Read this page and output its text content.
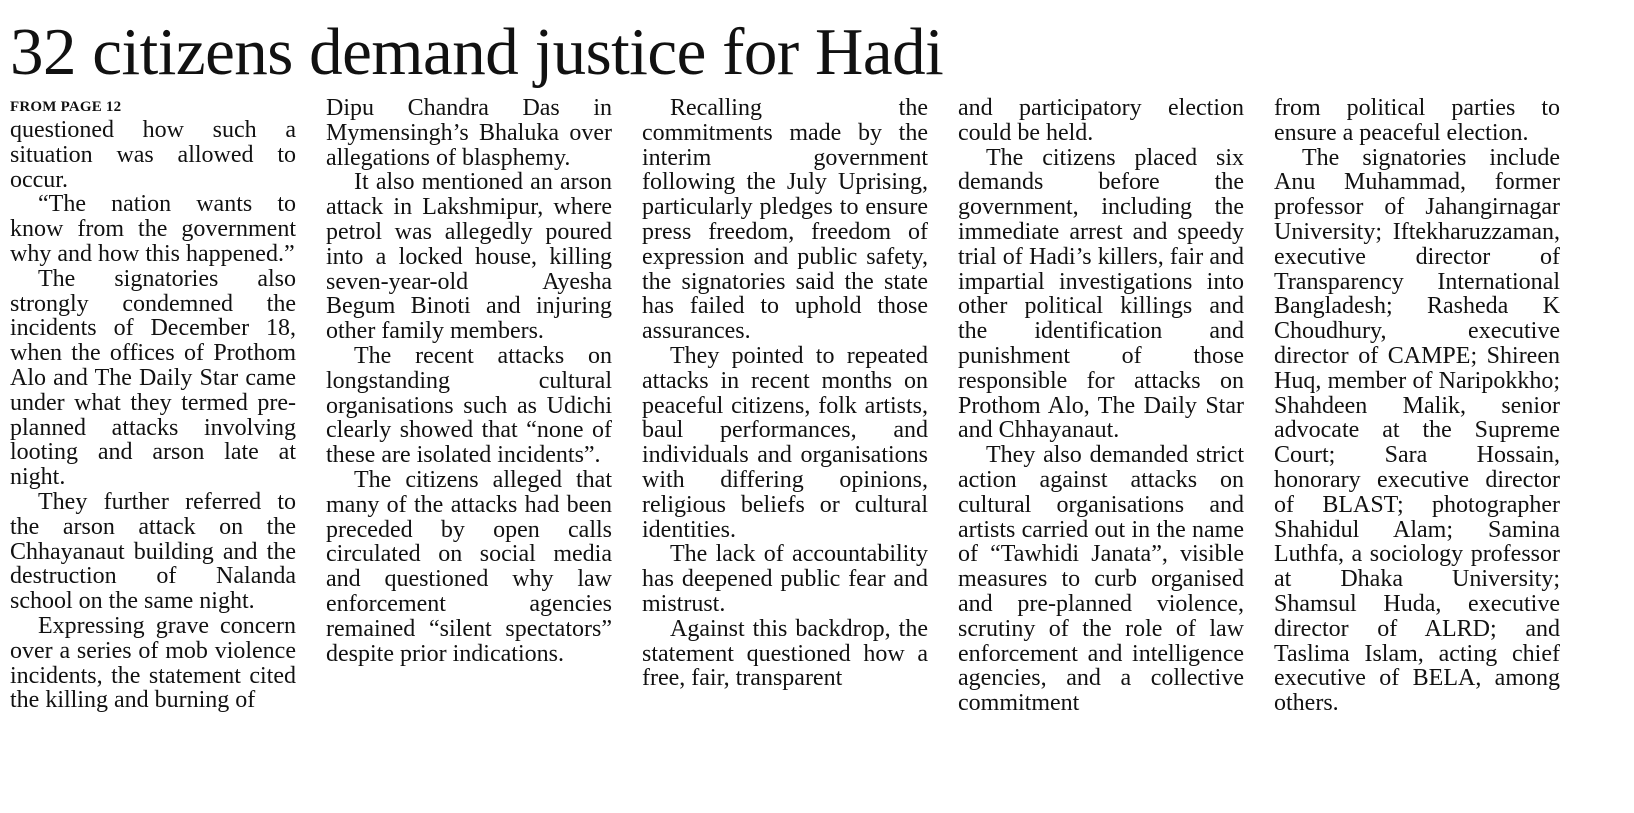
32 citizens demand justice for Hadi
FROM PAGE 12

questioned how such a situation was allowed to occur.

“The nation wants to know from the government why and how this happened.”

The signatories also strongly condemned the incidents of December 18, when the offices of Prothom Alo and The Daily Star came under what they termed pre-planned attacks involving looting and arson late at night.

They further referred to the arson attack on the Chhayanaut building and the destruction of Nalanda school on the same night.

Expressing grave concern over a series of mob violence incidents, the statement cited the killing and burning of

Dipu Chandra Das in Mymensingh’s Bhaluka over allegations of blasphemy.

It also mentioned an arson attack in Lakshmipur, where petrol was allegedly poured into a locked house, killing seven-year-old Ayesha Begum Binoti and injuring other family members.

The recent attacks on longstanding cultural organisations such as Udichi clearly showed that “none of these are isolated incidents”.

The citizens alleged that many of the attacks had been preceded by open calls circulated on social media and questioned why law enforcement agencies remained “silent spectators” despite prior indications.

Recalling the commitments made by the interim government following the July Uprising, particularly pledges to ensure press freedom, freedom of expression and public safety, the signatories said the state has failed to uphold those assurances.

They pointed to repeated attacks in recent months on peaceful citizens, folk artists, baul performances, and individuals and organisations with differing opinions, religious beliefs or cultural identities.

The lack of accountability has deepened public fear and mistrust.

Against this backdrop, the statement questioned how a free, fair, transparent

and participatory election could be held.

The citizens placed six demands before the government, including the immediate arrest and speedy trial of Hadi’s killers, fair and impartial investigations into other political killings and the identification and punishment of those responsible for attacks on Prothom Alo, The Daily Star and Chhayanaut.

They also demanded strict action against attacks on cultural organisations and artists carried out in the name of “Tawhidi Janata”, visible measures to curb organised and pre-planned violence, scrutiny of the role of law enforcement and intelligence agencies, and a collective commitment

from political parties to ensure a peaceful election.

The signatories include Anu Muhammad, former professor of Jahangirnagar University; Iftekharuzzaman, executive director of Transparency International Bangladesh; Rasheda K Choudhury, executive director of CAMPE; Shireen Huq, member of Naripokkho; Shahdeen Malik, senior advocate at the Supreme Court; Sara Hossain, honorary executive director of BLAST; photographer Shahidul Alam; Samina Luthfa, a sociology professor at Dhaka University; Shamsul Huda, executive director of ALRD; and Taslima Islam, acting chief executive of BELA, among others.
